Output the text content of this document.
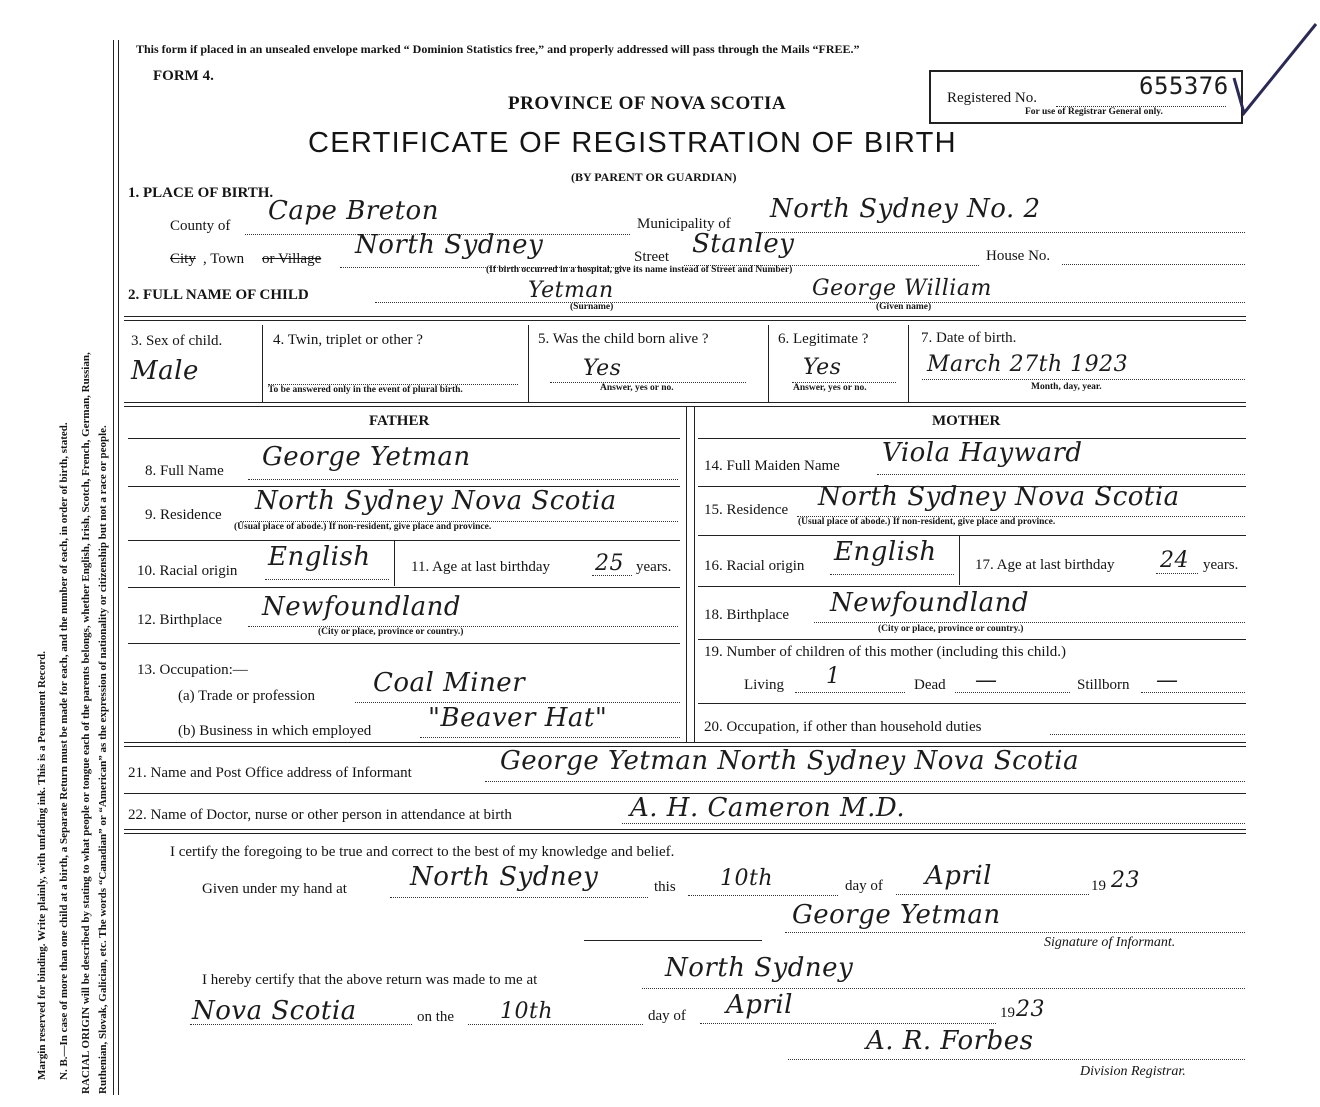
Margin reserved for binding. Write plainly, with unfading ink. This is a Permanent Record. N. B.—In case of more than one child at a birth, a Separate Return must be made for each, and the number of each, in order of birth, stated. RACIAL ORIGIN will be described by stating to what people or tongue each of the parents belongs, whether English, Irish, Scotch, French, German, Russian, Ruthenian, Slovak, Galician, etc. The words “Canadian” or “American” as the expression of nationality or citizenship but not a race or people.
This form if placed in an unsealed envelope marked “ Dominion Statistics free,” and properly addressed will pass through the Mails “FREE.”
FORM 4.
PROVINCE OF NOVA SCOTIA
CERTIFICATE OF REGISTRATION OF BIRTH
(BY PARENT OR GUARDIAN)
Registered No.	655376
For use of Registrar General only.
1. PLACE OF BIRTH.
County of Cape Breton	Municipality of North Sydney No. 2
City , Town or Village North Sydney	Street Stanley	House No.
(If birth occurred in a hospital, give its name instead of Street and Number)
2. FULL NAME OF CHILD	Yetman
(Surname)
George William
(Given name)
3. Sex of child.
Male
4. Twin, triplet or other ?
To be answered only in the event of plural birth.
5. Was the child born alive ?
Yes
Answer, yes or no.
6. Legitimate ?
Yes
Answer, yes or no.
7. Date of birth.
March 27th 1923
Month, day, year.
FATHER	MOTHER
8. Full Name George Yetman
9. Residence North Sydney Nova Scotia
(Usual place of abode.) If non-resident, give place and province.
10. Racial origin English	11. Age at last birthday 25 years.
12. Birthplace Newfoundland
(City or place, province or country.)
13. Occupation:—
(a) Trade or profession Coal Miner
(b) Business in which employed "Beaver Hat"
14. Full Maiden Name Viola Hayward
15. Residence North Sydney Nova Scotia
(Usual place of abode.) If non-resident, give place and province.
16. Racial origin English	17. Age at last birthday 24 years.
18. Birthplace Newfoundland
(City or place, province or country.)
19. Number of children of this mother (including this child.)
Living 1	Dead —	Stillborn —
20. Occupation, if other than household duties
21. Name and Post Office address of Informant	George Yetman North Sydney Nova Scotia
22. Name of Doctor, nurse or other person in attendance at birth	A. H. Cameron M.D.
I certify the foregoing to be true and correct to the best of my knowledge and belief.
Given under my hand at North Sydney	this 10th	day of April	19 23
George Yetman
Signature of Informant.
I hereby certify that the above return was made to me at	North Sydney
Nova Scotia	on the 10th	day of April	19 23
A. R. Forbes
Division Registrar.
